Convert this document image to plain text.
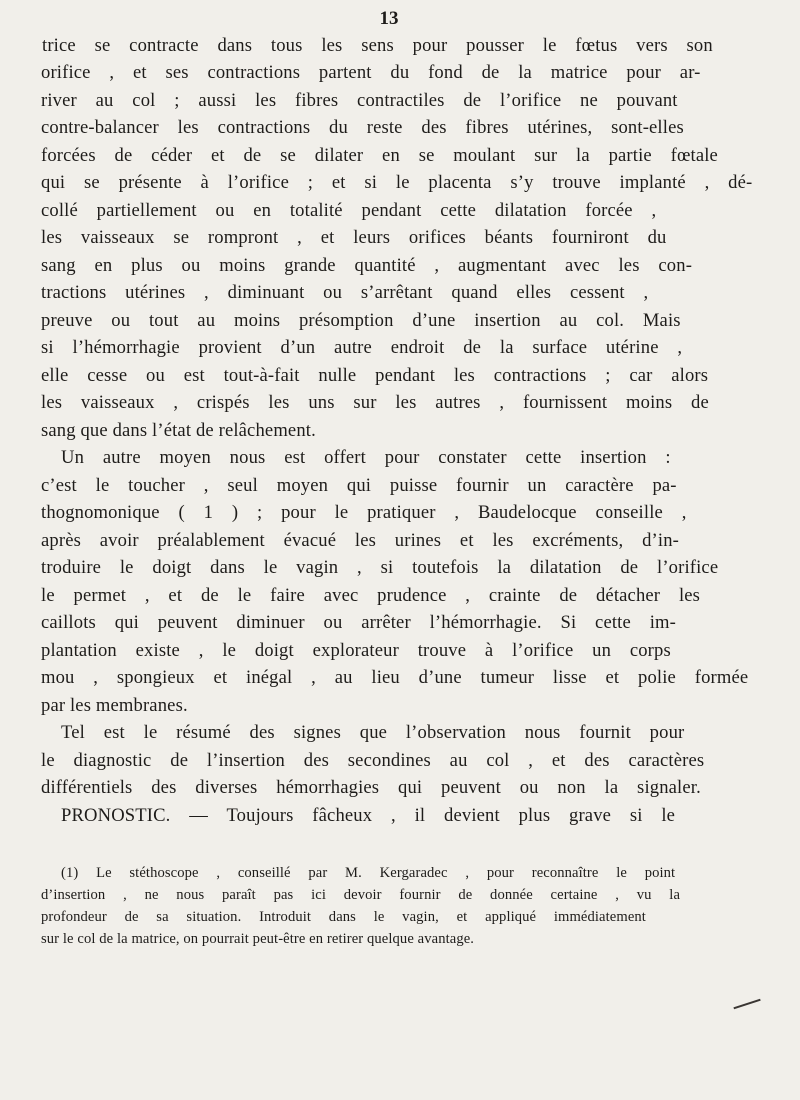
13
trice se contracte dans tous les sens pour pousser le fœtus vers son
orifice , et ses contractions partent du fond de la matrice pour ar-
river au col ; aussi les fibres contractiles de l’orifice ne pouvant
contre-balancer les contractions du reste des fibres utérines, sont-elles
forcées de céder et de se dilater en se moulant sur la partie fœtale
qui se présente à l’orifice ; et si le placenta s’y trouve implanté , dé-
collé partiellement ou en totalité pendant cette dilatation forcée ,
les vaisseaux se rompront , et leurs orifices béants fourniront du
sang en plus ou moins grande quantité , augmentant avec les con-
tractions utérines , diminuant ou s’arrêtant quand elles cessent ,
preuve ou tout au moins présomption d’une insertion au col. Mais
si l’hémorrhagie provient d’un autre endroit de la surface utérine ,
elle cesse ou est tout-à-fait nulle pendant les contractions ; car alors
les vaisseaux , crispés les uns sur les autres , fournissent moins de
sang que dans l’état de relâchement.
Un autre moyen nous est offert pour constater cette insertion :
c’est le toucher , seul moyen qui puisse fournir un caractère pa-
thognomonique ( 1 ) ; pour le pratiquer , Baudelocque conseille ,
après avoir préalablement évacué les urines et les excréments, d’in-
troduire le doigt dans le vagin , si toutefois la dilatation de l’orifice
le permet , et de le faire avec prudence , crainte de détacher les
caillots qui peuvent diminuer ou arrêter l’hémorrhagie. Si cette im-
plantation existe , le doigt explorateur trouve à l’orifice un corps
mou , spongieux et inégal , au lieu d’une tumeur lisse et polie formée
par les membranes.
Tel est le résumé des signes que l’observation nous fournit pour
le diagnostic de l’insertion des secondines au col , et des caractères
différentiels des diverses hémorrhagies qui peuvent ou non la signaler.
PRONOSTIC. — Toujours fâcheux , il devient plus grave si le
(1) Le stéthoscope , conseillé par M. Kergaradec , pour reconnaître le point
d’insertion , ne nous paraît pas ici devoir fournir de donnée certaine , vu la
profondeur de sa situation. Introduit dans le vagin, et appliqué immédiatement
sur le col de la matrice, on pourrait peut-être en retirer quelque avantage.
